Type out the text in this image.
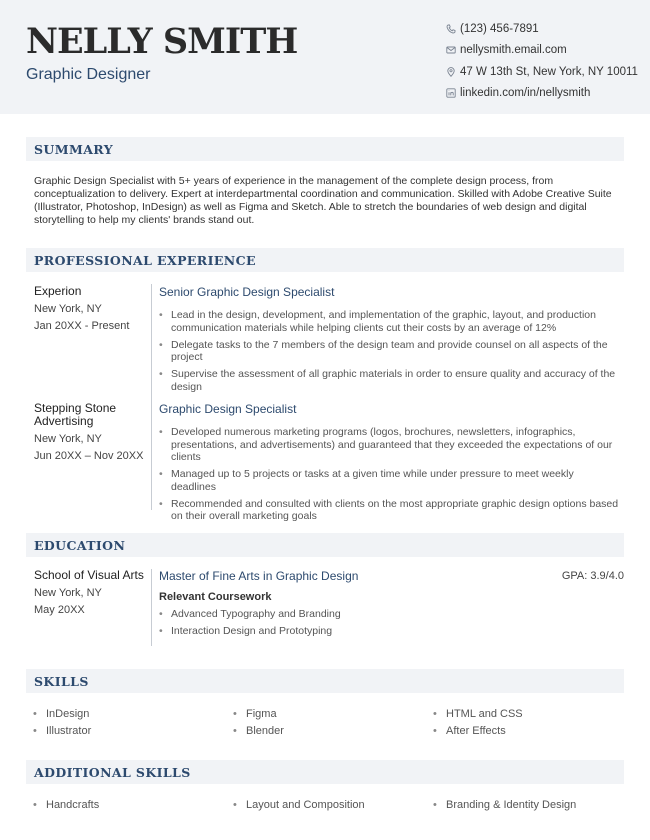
NELLY SMITH
Graphic Designer
(123) 456-7891
nellysmith.email.com
47 W 13th St, New York, NY 10011
linkedin.com/in/nellysmith
SUMMARY
Graphic Design Specialist with 5+ years of experience in the management of the complete design process, from conceptualization to delivery. Expert at interdepartmental coordination and communication. Skilled with Adobe Creative Suite (Illustrator, Photoshop, InDesign) as well as Figma and Sketch. Able to stretch the boundaries of web design and digital storytelling to help my clients' brands stand out.
PROFESSIONAL EXPERIENCE
Experion
New York, NY
Jan 20XX - Present
Senior Graphic Design Specialist
• Lead in the design, development, and implementation of the graphic, layout, and production communication materials while helping clients cut their costs by an average of 12%
• Delegate tasks to the 7 members of the design team and provide counsel on all aspects of the project
• Supervise the assessment of all graphic materials in order to ensure quality and accuracy of the design
Stepping Stone Advertising
New York, NY
Jun 20XX – Nov 20XX
Graphic Design Specialist
• Developed numerous marketing programs (logos, brochures, newsletters, infographics, presentations, and advertisements) and guaranteed that they exceeded the expectations of our clients
• Managed up to 5 projects or tasks at a given time while under pressure to meet weekly deadlines
• Recommended and consulted with clients on the most appropriate graphic design options based on their overall marketing goals
EDUCATION
School of Visual Arts
New York, NY
May 20XX
Master of Fine Arts in Graphic Design	GPA: 3.9/4.0
Relevant Coursework
• Advanced Typography and Branding
• Interaction Design and Prototyping
SKILLS
• InDesign	• Figma	• HTML and CSS
• Illustrator	• Blender	• After Effects
ADDITIONAL SKILLS
• Handcrafts	• Layout and Composition	• Branding & Identity Design
